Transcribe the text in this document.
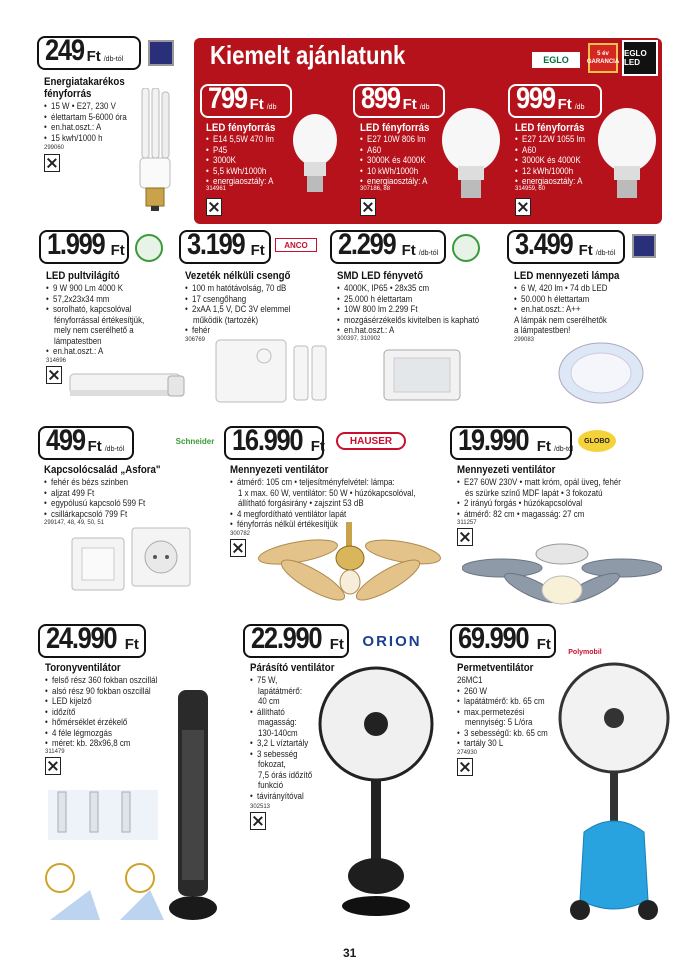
249 Ft /db-tól
Energiatakarékos
fényforrás
• 15 W • E27, 230 V
• élettartam 5-6000 óra
• en.hat.oszt.: A
• 15 kwh/1000 h
299060
Kiemelt ajánlatunk	EGLO
5 év GARANCIA
EGLO LED
799 Ft /db
LED fényforrás
• E14 5,5W 470 lm
• P45
• 3000K
• 5,5 kWh/1000h
• energiaosztály: A
314961
899 Ft /db
LED fényforrás
• E27 10W 806 lm
• A60
• 3000K és 4000K
• 10 kWh/1000h
• energiaosztály: A
307186, 88
999 Ft /db
LED fényforrás
• E27 12W 1055 lm
• A60
• 3000K és 4000K
• 12 kWh/1000h
• energiaosztály: A
314959, 60
1.999 Ft
LED pultvilágító
• 9 W 900 Lm 4000 K
• 57,2x23x34 mm
• sorolható, kapcsolóval
fényforrással értékesítjük,
mely nem cserélhető a
lámpatestben
• en.hat.oszt.: A
314696
3.199 Ft	ANCO
Vezeték nélküli csengő
• 100 m hatótávolság, 70 dB
• 17 csengőhang
• 2xAA 1,5 V, DC 3V elemmel
működik (tartozék)
• fehér
306769
2.299 Ft /db-tól
SMD LED fényvető
• 4000K, IP65 • 28x35 cm
• 25.000 h élettartam
• 10W 800 lm 2.299 Ft
• mozgásérzékelős kivitelben is kapható
• en.hat.oszt.: A
300397, 310902
3.499 Ft /db-tól
LED mennyezeti lámpa
• 6 W, 420 lm • 74 db LED
• 50.000 h élettartam
• en.hat.oszt.: A++
A lámpák nem cserélhetők
a lámpatestben!
299083
499 Ft /db-tól
Schneider
Kapcsolócsalád „Asfora"
• fehér és bézs szinben
• aljzat 499 Ft
• egypólusú kapcsoló 599 Ft
• csillárkapcsoló 799 Ft
299147, 48, 49, 50, 51
16.990 Ft	HAUSER
Mennyezeti ventilátor
• átmérő: 105 cm • teljesítményfelvétel: lámpa:
1 x max. 60 W, ventilátor: 50 W • húzókapcsolóval,
állítható forgásirány • zajszint 53 dB
• 4 megfordítható ventilátor lapát
• fényforrás nélkül értékesítjük
300782
19.990 Ft /db-tól
GLOBO
Mennyezeti ventilátor
• E27 60W 230V • matt króm, opál üveg, fehér
és szürke színű MDF lapát • 3 fokozatú
• 2 irányú forgás • húzókapcsolóval
• átmérő: 82 cm • magasság: 27 cm
311257
24.990 Ft
Toronyventilátor
• felső rész 360 fokban oszcillál
• alsó rész 90 fokban oszcillál
• LED kijelző
• időzítő
• hőmérséklet érzékelő
• 4 féle légmozgás
• méret: kb. 28x96,8 cm
311479
22.990 Ft	ORION
Párásító ventilátor
• 75 W,
lapátátmérő:
40 cm
• állítható
magasság:
130-140cm
• 3,2 L víztartály
• 3 sebesség
fokozat,
7,5 órás időzítő
funkció
• távirányítóval
302513
69.990 Ft	Polymobil
Permetventilátor
26MC1
• 260 W
• lapátátmérő: kb. 65 cm
• max.permetezési
mennyiség: 5 L/óra
• 3 sebességű: kb. 65 cm
• tartály 30 L
274930
31
